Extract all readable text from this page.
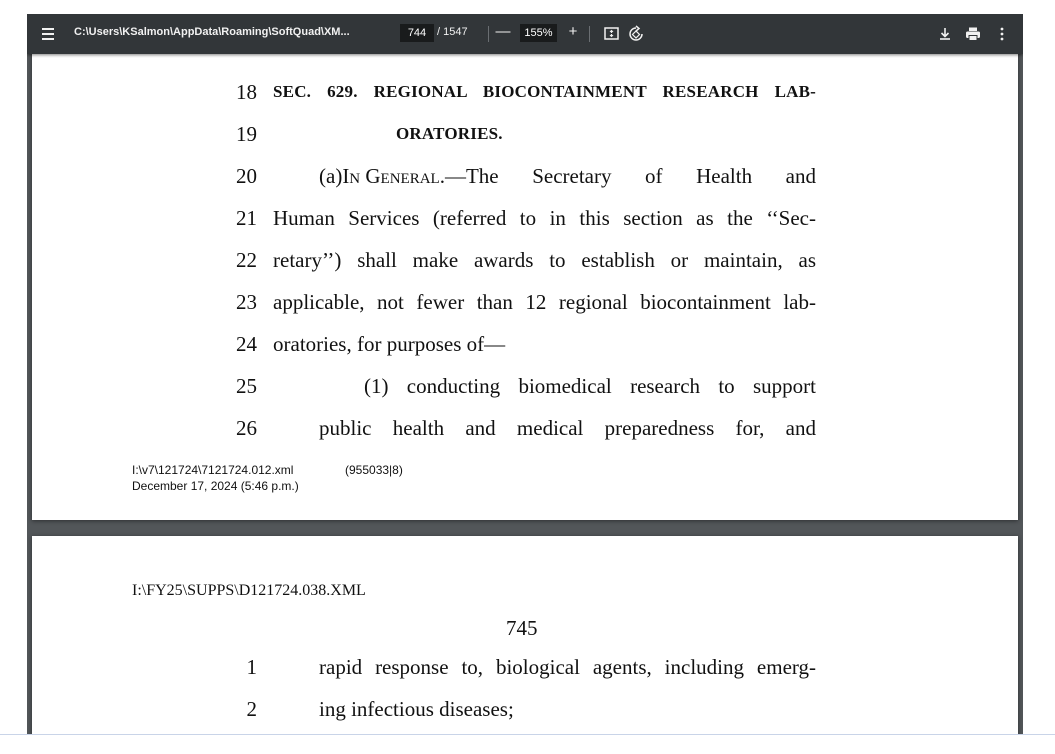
C:\Users\KSalmon\AppData\Roaming\SoftQuad\XM...	744 / 1547 —	155% +
18 SEC. 629. REGIONAL BIOCONTAINMENT RESEARCH LAB-
19	ORATORIES.
20	(a) In General. —The Secretary of Health and
21 Human Services (referred to in this section as the ‘‘Sec-
22 retary’’) shall make awards to establish or maintain, as
23 applicable, not fewer than 12 regional biocontainment lab-
24 oratories, for purposes of—
25	(1) conducting biomedical research to support
26	public health and medical preparedness for, and
I:\v7\121724\7121724.012.xml	(955033|8)
December 17, 2024 (5:46 p.m.)
I:\FY25\SUPPS\D121724.038.XML
745
1	rapid response to, biological agents, including emerg-
2	ing infectious diseases;
